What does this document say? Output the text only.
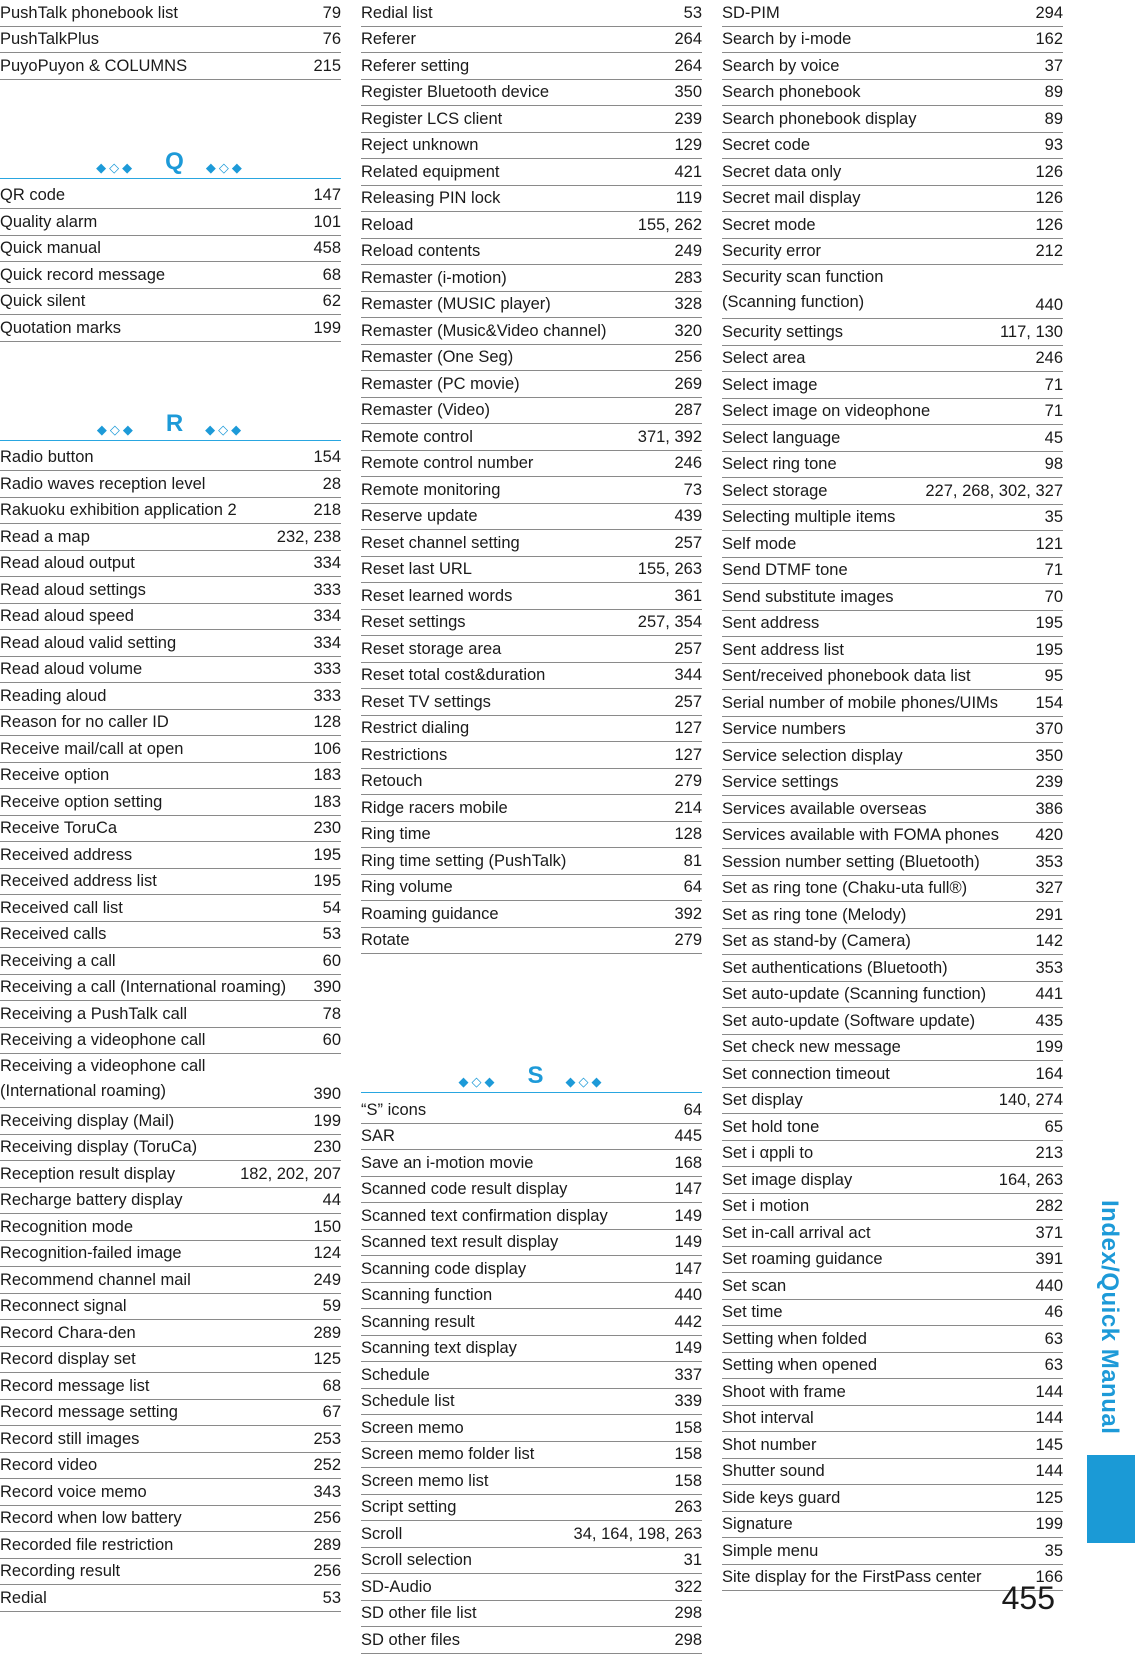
PushTalk phonebook list	79
PushTalkPlus	76
PuyoPuyon & COLUMNS	215
◆◇◆ Q ◆◇◆
QR code	147
Quality alarm	101
Quick manual	458
Quick record message	68
Quick silent	62
Quotation marks	199
◆◇◆ R ◆◇◆
Radio button	154
Radio waves reception level	28
Rakuoku exhibition application 2	218
Read a map	232, 238
Read aloud output	334
Read aloud settings	333
Read aloud speed	334
Read aloud valid setting	334
Read aloud volume	333
Reading aloud	333
Reason for no caller ID	128
Receive mail/call at open	106
Receive option	183
Receive option setting	183
Receive ToruCa	230
Received address	195
Received address list	195
Received call list	54
Received calls	53
Receiving a call	60
Receiving a call (International roaming)	390
Receiving a PushTalk call	78
Receiving a videophone call	60
Receiving a videophone call
(International roaming)	390
Receiving display (Mail)	199
Receiving display (ToruCa)	230
Reception result display	182, 202, 207
Recharge battery display	44
Recognition mode	150
Recognition-failed image	124
Recommend channel mail	249
Reconnect signal	59
Record Chara-den	289
Record display set	125
Record message list	68
Record message setting	67
Record still images	253
Record video	252
Record voice memo	343
Record when low battery	256
Recorded file restriction	289
Recording result	256
Redial	53
Redial list	53
Referer	264
Referer setting	264
Register Bluetooth device	350
Register LCS client	239
Reject unknown	129
Related equipment	421
Releasing PIN lock	119
Reload	155, 262
Reload contents	249
Remaster (i-motion)	283
Remaster (MUSIC player)	328
Remaster (Music&Video channel)	320
Remaster (One Seg)	256
Remaster (PC movie)	269
Remaster (Video)	287
Remote control	371, 392
Remote control number	246
Remote monitoring	73
Reserve update	439
Reset channel setting	257
Reset last URL	155, 263
Reset learned words	361
Reset settings	257, 354
Reset storage area	257
Reset total cost&duration	344
Reset TV settings	257
Restrict dialing	127
Restrictions	127
Retouch	279
Ridge racers mobile	214
Ring time	128
Ring time setting (PushTalk)	81
Ring volume	64
Roaming guidance	392
Rotate	279
◆◇◆ S ◆◇◆
“S” icons	64
SAR	445
Save an i-motion movie	168
Scanned code result display	147
Scanned text confirmation display	149
Scanned text result display	149
Scanning code display	147
Scanning function	440
Scanning result	442
Scanning text display	149
Schedule	337
Schedule list	339
Screen memo	158
Screen memo folder list	158
Screen memo list	158
Script setting	263
Scroll	34, 164, 198, 263
Scroll selection	31
SD-Audio	322
SD other file list	298
SD other files	298
SD-PIM	294
Search by i-mode	162
Search by voice	37
Search phonebook	89
Search phonebook display	89
Secret code	93
Secret data only	126
Secret mail display	126
Secret mode	126
Security error	212
Security scan function
(Scanning function)	440
Security settings	117, 130
Select area	246
Select image	71
Select image on videophone	71
Select language	45
Select ring tone	98
Select storage	227, 268, 302, 327
Selecting multiple items	35
Self mode	121
Send DTMF tone	71
Send substitute images	70
Sent address	195
Sent address list	195
Sent/received phonebook data list	95
Serial number of mobile phones/UIMs	154
Service numbers	370
Service selection display	350
Service settings	239
Services available overseas	386
Services available with FOMA phones	420
Session number setting (Bluetooth)	353
Set as ring tone (Chaku-uta full®)	327
Set as ring tone (Melody)	291
Set as stand-by (Camera)	142
Set authentications (Bluetooth)	353
Set auto-update (Scanning function)	441
Set auto-update (Software update)	435
Set check new message	199
Set connection timeout	164
Set display	140, 274
Set hold tone	65
Set i αppli to	213
Set image display	164, 263
Set i motion	282
Set in-call arrival act	371
Set roaming guidance	391
Set scan	440
Set time	46
Setting when folded	63
Setting when opened	63
Shoot with frame	144
Shot interval	144
Shot number	145
Shutter sound	144
Side keys guard	125
Signature	199
Simple menu	35
Site display for the FirstPass center	166
Index/Quick Manual
455
